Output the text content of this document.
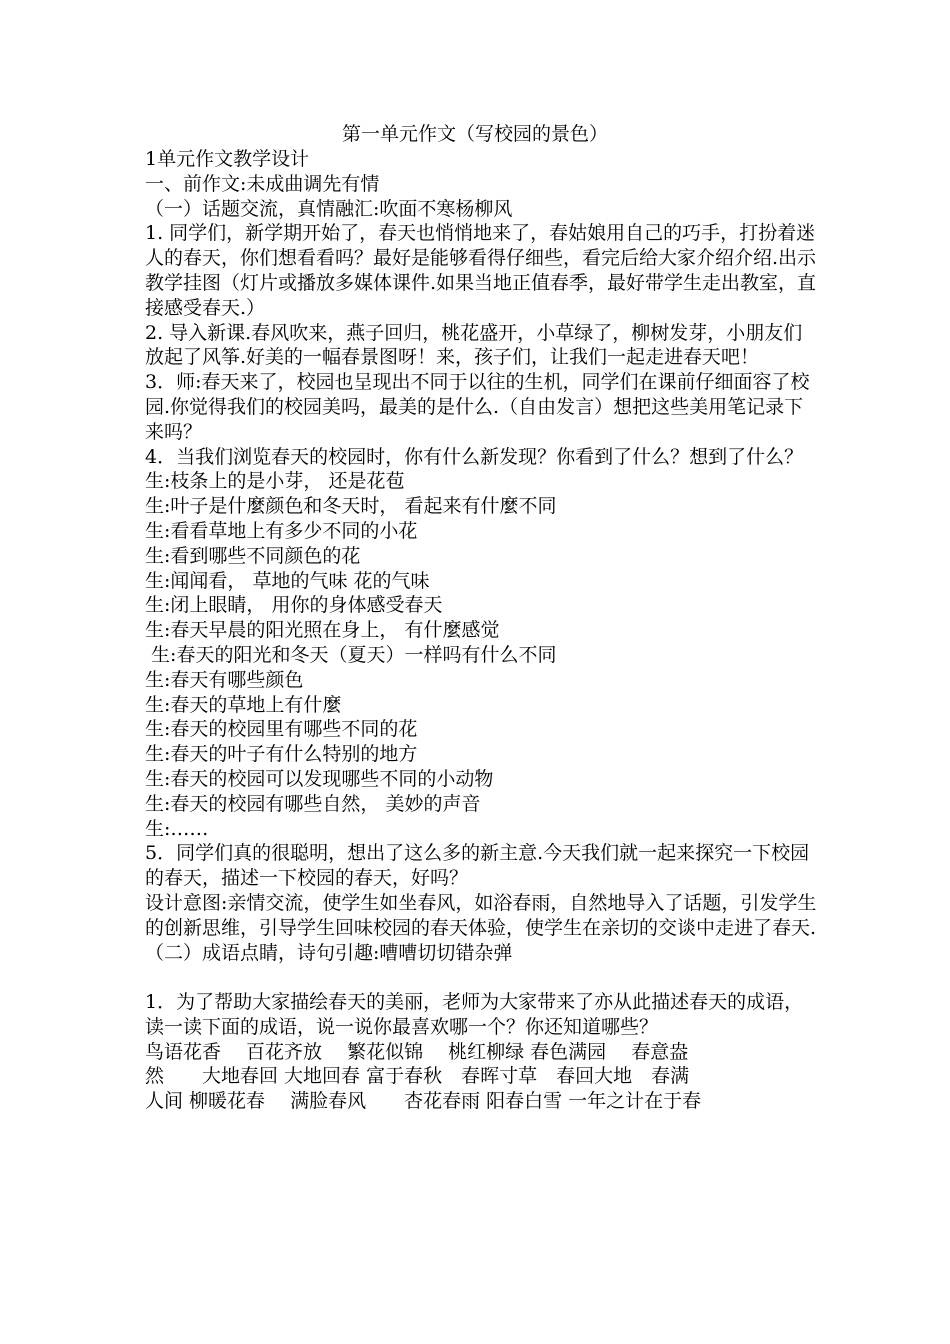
第一单元作文（写校园的景色）

1单元作文教学设计

一、前作文:未成曲调先有情

（一）话题交流，真情融汇:吹面不寒杨柳风

1. 同学们，新学期开始了，春天也悄悄地来了，春姑娘用自己的巧手，打扮着迷人的春天，你们想看看吗？最好是能够看得仔细些，看完后给大家介绍介绍.出示教学挂图（灯片或播放多媒体课件.如果当地正值春季，最好带学生走出教室，直接感受春天.）

2. 导入新课.春风吹来，燕子回归，桃花盛开，小草绿了，柳树发芽，小朋友们放起了风筝.好美的一幅春景图呀！来，孩子们，让我们一起走进春天吧！

3．师:春天来了，校园也呈现出不同于以往的生机，同学们在课前仔细面容了校园.你觉得我们的校园美吗，最美的是什么.（自由发言）想把这些美用笔记录下来吗？

4．当我们浏览春天的校园时，你有什么新发现？你看到了什么？想到了什么？

生:枝条上的是小芽， 还是花苞

生:叶子是什麼颜色和冬天时， 看起来有什麼不同

生:看看草地上有多少不同的小花

生:看到哪些不同颜色的花

生:闻闻看， 草地的气味 花的气味

生:闭上眼睛， 用你的身体感受春天

生:春天早晨的阳光照在身上， 有什麼感觉

生:春天的阳光和冬天（夏天）一样吗有什么不同

生:春天有哪些颜色

生:春天的草地上有什麼

生:春天的校园里有哪些不同的花

生:春天的叶子有什么特别的地方

生:春天的校园可以发现哪些不同的小动物

生:春天的校园有哪些自然， 美妙的声音

生:……

5．同学们真的很聪明，想出了这么多的新主意.今天我们就一起来探究一下校园的春天，描述一下校园的春天，好吗？

设计意图:亲情交流，使学生如坐春风，如浴春雨，自然地导入了话题，引发学生的创新思维，引导学生回味校园的春天体验，使学生在亲切的交谈中走进了春天.

（二）成语点睛，诗句引趣:嘈嘈切切错杂弹

1．为了帮助大家描绘春天的美丽，老师为大家带来了亦从此描述春天的成语，读一读下面的成语，说一说你最喜欢哪一个？你还知道哪些？

鸟语花香　 百花齐放　 繁花似锦　 桃红柳绿 春色满园　 春意盎

然　　大地春回 大地回春 富于春秋　春晖寸草　春回大地　春满

人间 柳暖花春　 满脸春风　　杏花春雨 阳春白雪 一年之计在于春
